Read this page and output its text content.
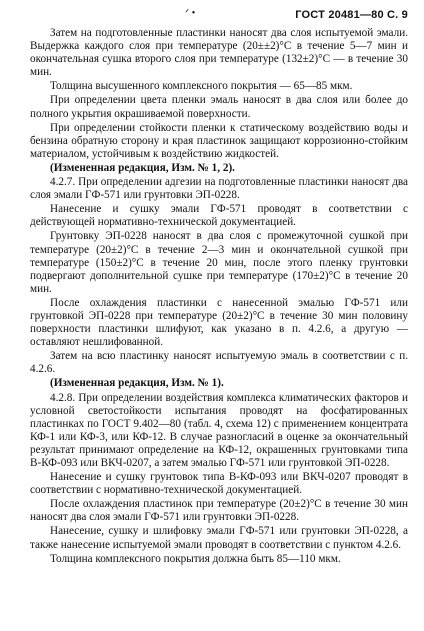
ᐟ •	ГОСТ 20481—80 С. 9

Затем на подготовленные пластинки наносят два слоя испытуемой эмали. Выдержка каждого слоя при температуре (20±±2)°С в течение 5—7 мин и окончательная сушка второго слоя при температуре (132±2)°С — в течение 30 мин.

Толщина высушенного комплексного покрытия — 65—85 мкм.

При определении цвета пленки эмаль наносят в два слоя или более до полного укрытия окрашиваемой поверхности.

При определении стойкости пленки к статическому воздействию воды и бензина обратную сторону и края пластинок защищают коррозионно-стойким материалом, устойчивым к воздействию жидкостей.

(Измененная редакция, Изм. № 1, 2).

4.2.7. При определении адгезии на подготовленные пластинки наносят два слоя эмали ГФ-571 или грунтовки ЭП-0228.

Нанесение и сушку эмали ГФ-571 проводят в соответствии с действующей нормативно-технической документацией.

Грунтовку ЭП-0228 наносят в два слоя с промежуточной сушкой при температуре (20±2)°С в течение 2—3 мин и окончательной сушкой при температуре (150±2)°С в течение 20 мин, после этого пленку грунтовки подвергают дополнительной сушке при температуре (170±2)°С в течение 20 мин.

После охлаждения пластинки с нанесенной эмалью ГФ-571 или грунтовкой ЭП-0228 при температуре (20±2)°С в течение 30 мин половину поверхности пластинки шлифуют, как указано в п. 4.2.6, а другую — оставляют нешлифованной.

Затем на всю пластинку наносят испытуемую эмаль в соответствии с п. 4.2.6.

(Измененная редакция, Изм. № 1).

4.2.8. При определении воздействия комплекса климатических факторов и условной светостойкости испытания проводят на фосфатированных пластинках по ГОСТ 9.402—80 (табл. 4, схема 12) с применением концентрата КФ-1 или КФ-3, или КФ-12. В случае разногласий в оценке за окончательный результат принимают определение на КФ-12, окрашенных грунтовками типа В-КФ-093 или ВКЧ-0207, а затем эмалью ГФ-571 или грунтовкой ЭП-0228.

Нанесение и сушку грунтовок типа В-КФ-093 или ВКЧ-0207 проводят в соответствии с нормативно-технической документацией.

После охлаждения пластинок при температуре (20±2)°С в течение 30 мин наносят два слоя эмали ГФ-571 или грунтовки ЭП-0228.

Нанесение, сушку и шлифовку эмали ГФ-571 или грунтовки ЭП-0228, а также нанесение испытуемой эмали проводят в соответствии с пунктом 4.2.6.

Толщина комплексного покрытия должна быть 85—110 мкм.
